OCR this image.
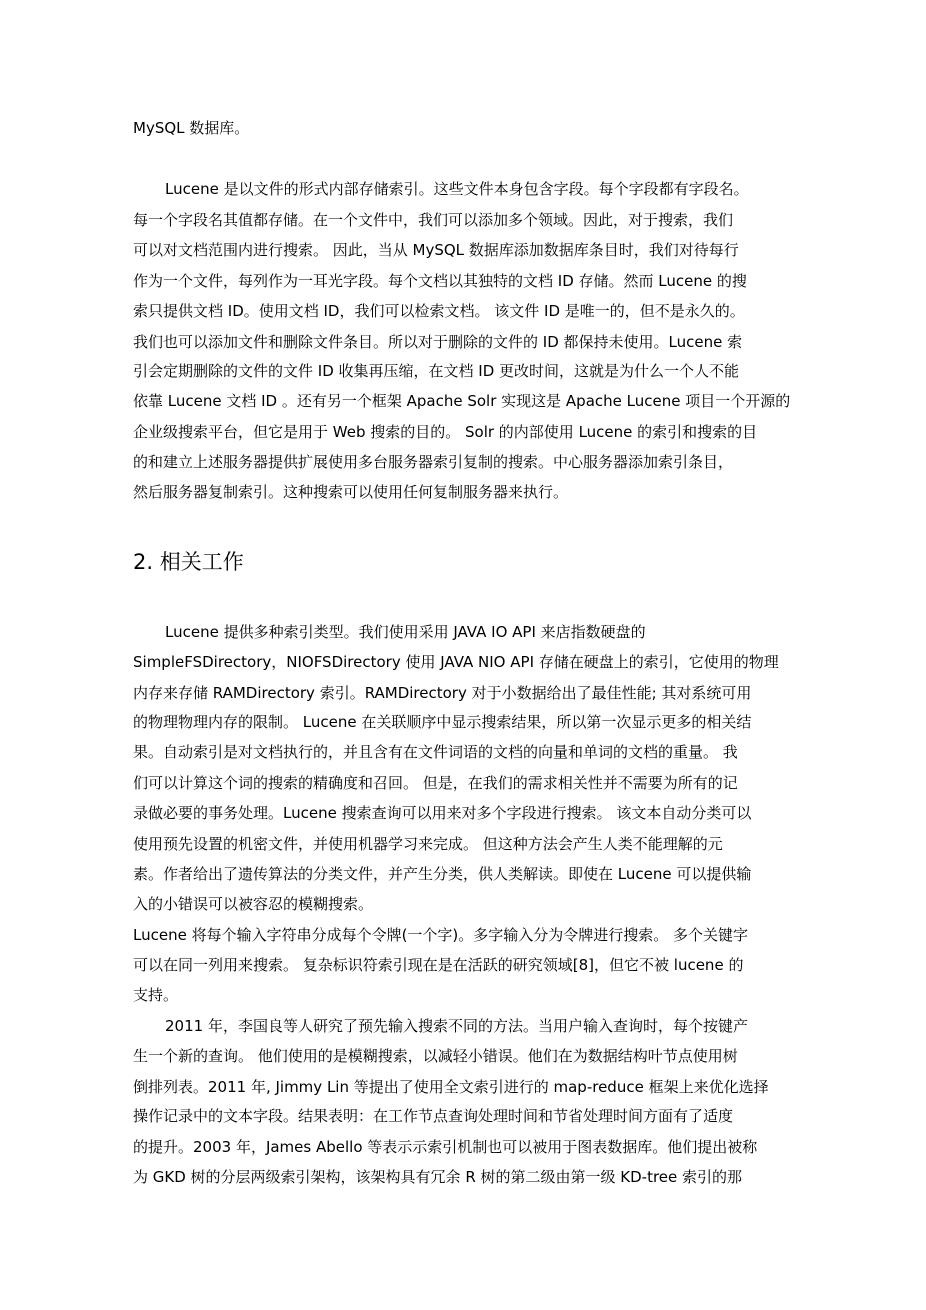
MySQL 数据库。
Lucene 是以文件的形式内部存储索引。这些文件本身包含字段。每个字段都有字段名。
每一个字段名其值都存储。在一个文件中，我们可以添加多个领域。因此，对于搜索，我们
可以对文档范围内进行搜索。 因此，当从 MySQL 数据库添加数据库条目时，我们对待每行
作为一个文件，每列作为一耳光字段。每个文档以其独特的文档 ID 存储。然而 Lucene 的搜
索只提供文档 ID。使用文档 ID，我们可以检索文档。 该文件 ID 是唯一的，但不是永久的。
我们也可以添加文件和删除文件条目。所以对于删除的文件的 ID 都保持未使用。Lucene 索
引会定期删除的文件的文件 ID 收集再压缩，在文档 ID 更改时间，这就是为什么一个人不能
依靠 Lucene 文档 ID 。还有另一个框架 Apache Solr 实现这是 Apache Lucene 项目一个开源的
企业级搜索平台，但它是用于 Web 搜索的目的。 Solr 的内部使用 Lucene 的索引和搜索的目
的和建立上述服务器提供扩展使用多台服务器索引复制的搜索。中心服务器添加索引条目，
然后服务器复制索引。这种搜索可以使用任何复制服务器来执行。
2. 相关工作
Lucene 提供多种索引类型。我们使用采用 JAVA IO API 来店指数硬盘的
SimpleFSDirectory，NIOFSDirectory 使用 JAVA NIO API 存储在硬盘上的索引，它使用的物理
内存来存储 RAMDirectory 索引。RAMDirectory 对于小数据给出了最佳性能; 其对系统可用
的物理物理内存的限制。 Lucene 在关联顺序中显示搜索结果，所以第一次显示更多的相关结
果。自动索引是对文档执行的，并且含有在文件词语的文档的向量和单词的文档的重量。 我
们可以计算这个词的搜索的精确度和召回。 但是，在我们的需求相关性并不需要为所有的记
录做必要的事务处理。Lucene 搜索查询可以用来对多个字段进行搜索。 该文本自动分类可以
使用预先设置的机密文件，并使用机器学习来完成。 但这种方法会产生人类不能理解的元
素。作者给出了遗传算法的分类文件，并产生分类，供人类解读。即使在 Lucene 可以提供输
入的小错误可以被容忍的模糊搜索。
Lucene 将每个输入字符串分成每个令牌(一个字)。多字输入分为令牌进行搜索。 多个关键字
可以在同一列用来搜索。 复杂标识符索引现在是在活跃的研究领域[8]，但它不被 lucene 的
支持。
2011 年，李国良等人研究了预先输入搜索不同的方法。当用户输入查询时，每个按键产
生一个新的查询。 他们使用的是模糊搜索，以减轻小错误。他们在为数据结构叶节点使用树
倒排列表。2011 年, Jimmy Lin 等提出了使用全文索引进行的 map-reduce 框架上来优化选择
操作记录中的文本字段。结果表明：在工作节点查询处理时间和节省处理时间方面有了适度
的提升。2003 年，James Abello 等表示示索引机制也可以被用于图表数据库。他们提出被称
为 GKD 树的分层两级索引架构，该架构具有冗余 R 树的第二级由第一级 KD-tree 索引的那
